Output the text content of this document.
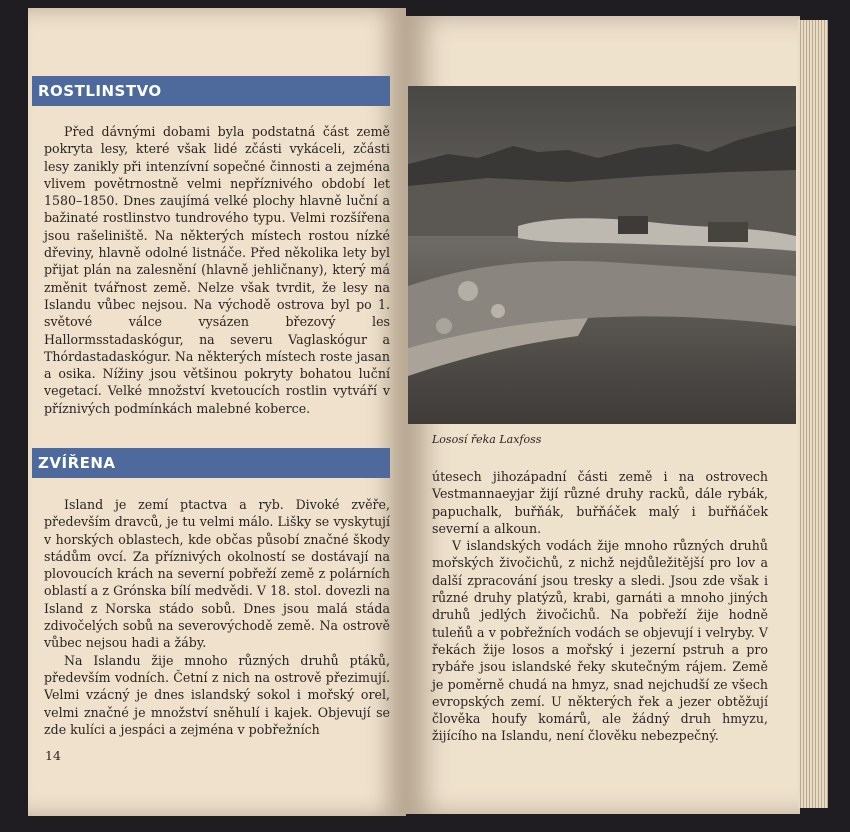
ROSTLINSTVO

Před dávnými dobami byla podstatná část země pokryta lesy, které však lidé zčásti vykáceli, zčásti lesy zanikly při intenzívní sopečné činnosti a zejména vlivem povětrnostně velmi nepříznivého období let 1580–1850. Dnes zaujímá velké plochy hlavně luční a bažinaté rostlinstvo tundrového typu. Velmi rozšířena jsou rašeliniště. Na některých místech rostou nízké dřeviny, hlavně odolné listnáče. Před několika lety byl přijat plán na zalesnění (hlavně jehličnany), který má změnit tvářnost země. Nelze však tvrdit, že lesy na Islandu vůbec nejsou. Na východě ostrova byl po 1. světové válce vysázen březový les Hallormsstadaskógur, na severu Vaglaskógur a Thórdastadaskógur. Na některých místech roste jasan a osika. Nížiny jsou většinou pokryty bohatou luční vegetací. Velké množství kvetoucích rostlin vytváří v příznivých podmínkách malebné koberce.

ZVÍŘENA

Island je zemí ptactva a ryb. Divoké zvěře, především dravců, je tu velmi málo. Lišky se vyskytují v horských oblastech, kde občas působí značné škody stádům ovcí. Za příznivých okolností se dostávají na plovoucích krách na severní pobřeží země z polárních oblastí a z Grónska bílí medvědi. V 18. stol. dovezli na Island z Norska stádo sobů. Dnes jsou malá stáda zdivočelých sobů na severovýchodě země. Na ostrově vůbec nejsou hadi a žáby.

Na Islandu žije mnoho různých druhů ptáků, především vodních. Četní z nich na ostrově přezimují. Velmi vzácný je dnes islandský sokol i mořský orel, velmi značné je množství sněhulí i kajek. Objevují se zde kulíci a jespáci a zejména v pobřežních

14
Lososí řeka Laxfoss

útesech jihozápadní části země i na ostrovech Vestmannaeyjar žijí různé druhy racků, dále rybák, papuchalk, buřňák, buřňáček malý i buřňáček severní a alkoun.

V islandských vodách žije mnoho různých druhů mořských živočichů, z nichž nejdůležitější pro lov a další zpracování jsou tresky a sledi. Jsou zde však i různé druhy platýzů, krabi, garnáti a mnoho jiných druhů jedlých živočichů. Na pobřeží žije hodně tuleňů a v pobřežních vodách se objevují i velryby. V řekách žije losos a mořský i jezerní pstruh a pro rybáře jsou islandské řeky skutečným rájem. Země je poměrně chudá na hmyz, snad nejchudší ze všech evropských zemí. U některých řek a jezer obtěžují člověka houfy komárů, ale žádný druh hmyzu, žijícího na Islandu, není člověku nebezpečný.
